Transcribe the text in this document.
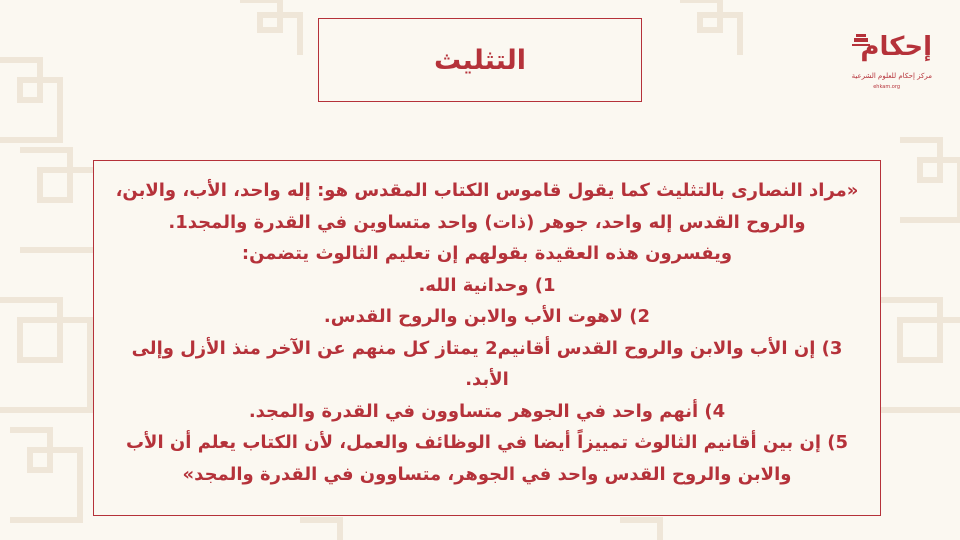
التثليث	إحكام
مركز إحكام للعلوم الشرعية
ehkam.org

«مراد النصارى بالتثليث كما يقول قاموس الكتاب المقدس هو: إله واحد، الأب، والابن، والروح القدس إله واحد، جوهر (ذات) واحد متساوين في القدرة والمجد1.

ويفسرون هذه العقيدة بقولهم إن تعليم الثالوث يتضمن:

1) وحدانية الله.

2) لاهوت الأب والابن والروح القدس.

3) إن الأب والابن والروح القدس أقانيم2 يمتاز كل منهم عن الآخر منذ الأزل وإلى الأبد.

4) أنهم واحد في الجوهر متساوون في القدرة والمجد.

5) إن بين أقانيم الثالوث تمييزاً أيضا في الوظائف والعمل، لأن الكتاب يعلم أن الأب والابن والروح القدس واحد في الجوهر، متساوون في القدرة والمجد»
